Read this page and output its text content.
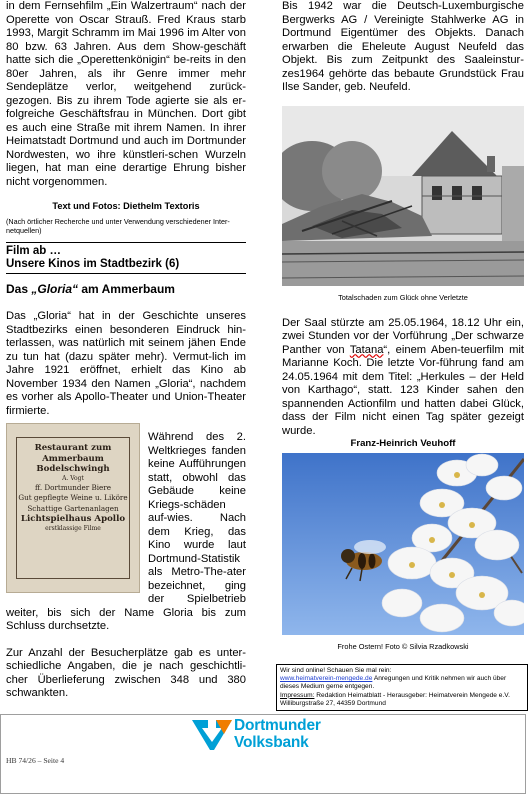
in dem Fernsehfilm „Ein Walzertraum“ nach der Operette von Oscar Strauß. Fred Kraus starb 1993, Margit Schramm im Mai 1996 im Alter von 80 bzw. 63 Jahren. Aus dem Show-geschäft hatte sich die „Operettenkönigin“ be-reits in den 80er Jahren, als ihr Genre immer mehr Sendeplätze verlor, weitgehend zurück-gezogen. Bis zu ihrem Tode agierte sie als er-folgreiche Geschäftsfrau in München. Dort gibt es auch eine Straße mit ihrem Namen. In ihrer Heimatstadt Dortmund und auch im Dortmunder Nordwesten, wo ihre künstleri-schen Wurzeln liegen, hat man eine derartige Ehrung bisher nicht vorgenommen.

Text und Fotos: Diethelm Textoris
(Nach örtlicher Recherche und unter Verwendung verschiedener Inter-netquellen)
Film ab …
Unsere Kinos im Stadtbezirk (6)
Das „Gloria“ am Ammerbaum

Das „Gloria“ hat in der Geschichte unseres Stadtbezirks einen besonderen Eindruck hin-terlassen, was natürlich mit seinem jähen Ende zu tun hat (dazu später mehr). Vermut-lich im Jahre 1921 eröffnet, erhielt das Kino ab November 1934 den Namen „Gloria“, nachdem es vorher als Apollo-Theater und Union-Theater firmierte.

Restaurant zum Ammerbaum
Bodelschwingh
A. Vogt
ff. Dortmunder Biere
Gut gepflegte Weine u. Liköre
Schattige Gartenanlagen
Lichtspielhaus Apollo
erstklassige Filme

Während des 2. Weltkrieges fanden keine Aufführungen statt, obwohl das Gebäude keine Kriegs-schäden auf-wies. Nach dem Krieg, das Kino wurde laut Dortmund-Statistik als Metro-The-ater bezeichnet, ging der Spielbetrieb weiter, bis sich der Name Gloria bis zum Schluss durchsetzte.

Zur Anzahl der Besucherplätze gab es unter-schiedliche Angaben, die je nach geschichtli-cher Überlieferung zwischen 348 und 380 schwankten.

Bis 1942 war die Deutsch-Luxemburgische Bergwerks AG / Vereinigte Stahlwerke AG in Dortmund Eigentümer des Objekts. Danach erwarben die Eheleute August Neufeld das Objekt. Bis zum Zeitpunkt des Saaleinstur-zes1964 gehörte das bebaute Grundstück Frau Ilse Sander, geb. Neufeld.

Totalschaden zum Glück ohne Verletzte

Der Saal stürzte am 25.05.1964, 18.12 Uhr ein, zwei Stunden vor der Vorführung „Der schwarze Panther von Tatana“, einem Aben-teuerfilm mit Marianne Koch. Die letzte Vor-führung fand am 24.05.1964 mit dem Titel: „Herkules – der Held von Karthago“, statt. 123 Kinder sahen den spannenden Actionfilm und hatten dabei Glück, dass der Film nicht einen Tag später gezeigt wurde.

Franz-Heinrich Veuhoff
Frohe Ostern! Foto © Silvia Rzadkowski
Wir sind online! Schauen Sie mal rein:
www.heimatverein-mengede.de Anregungen und Kritik nehmen wir auch über dieses Medium gerne entgegen.
Impressum: Redaktion Heimatblatt - Herausgeber: Heimatverein Mengede e.V. Williburgstraße 27, 44359 Dortmund
Dortmunder
Volksbank
HB 74/26 – Seite 4
